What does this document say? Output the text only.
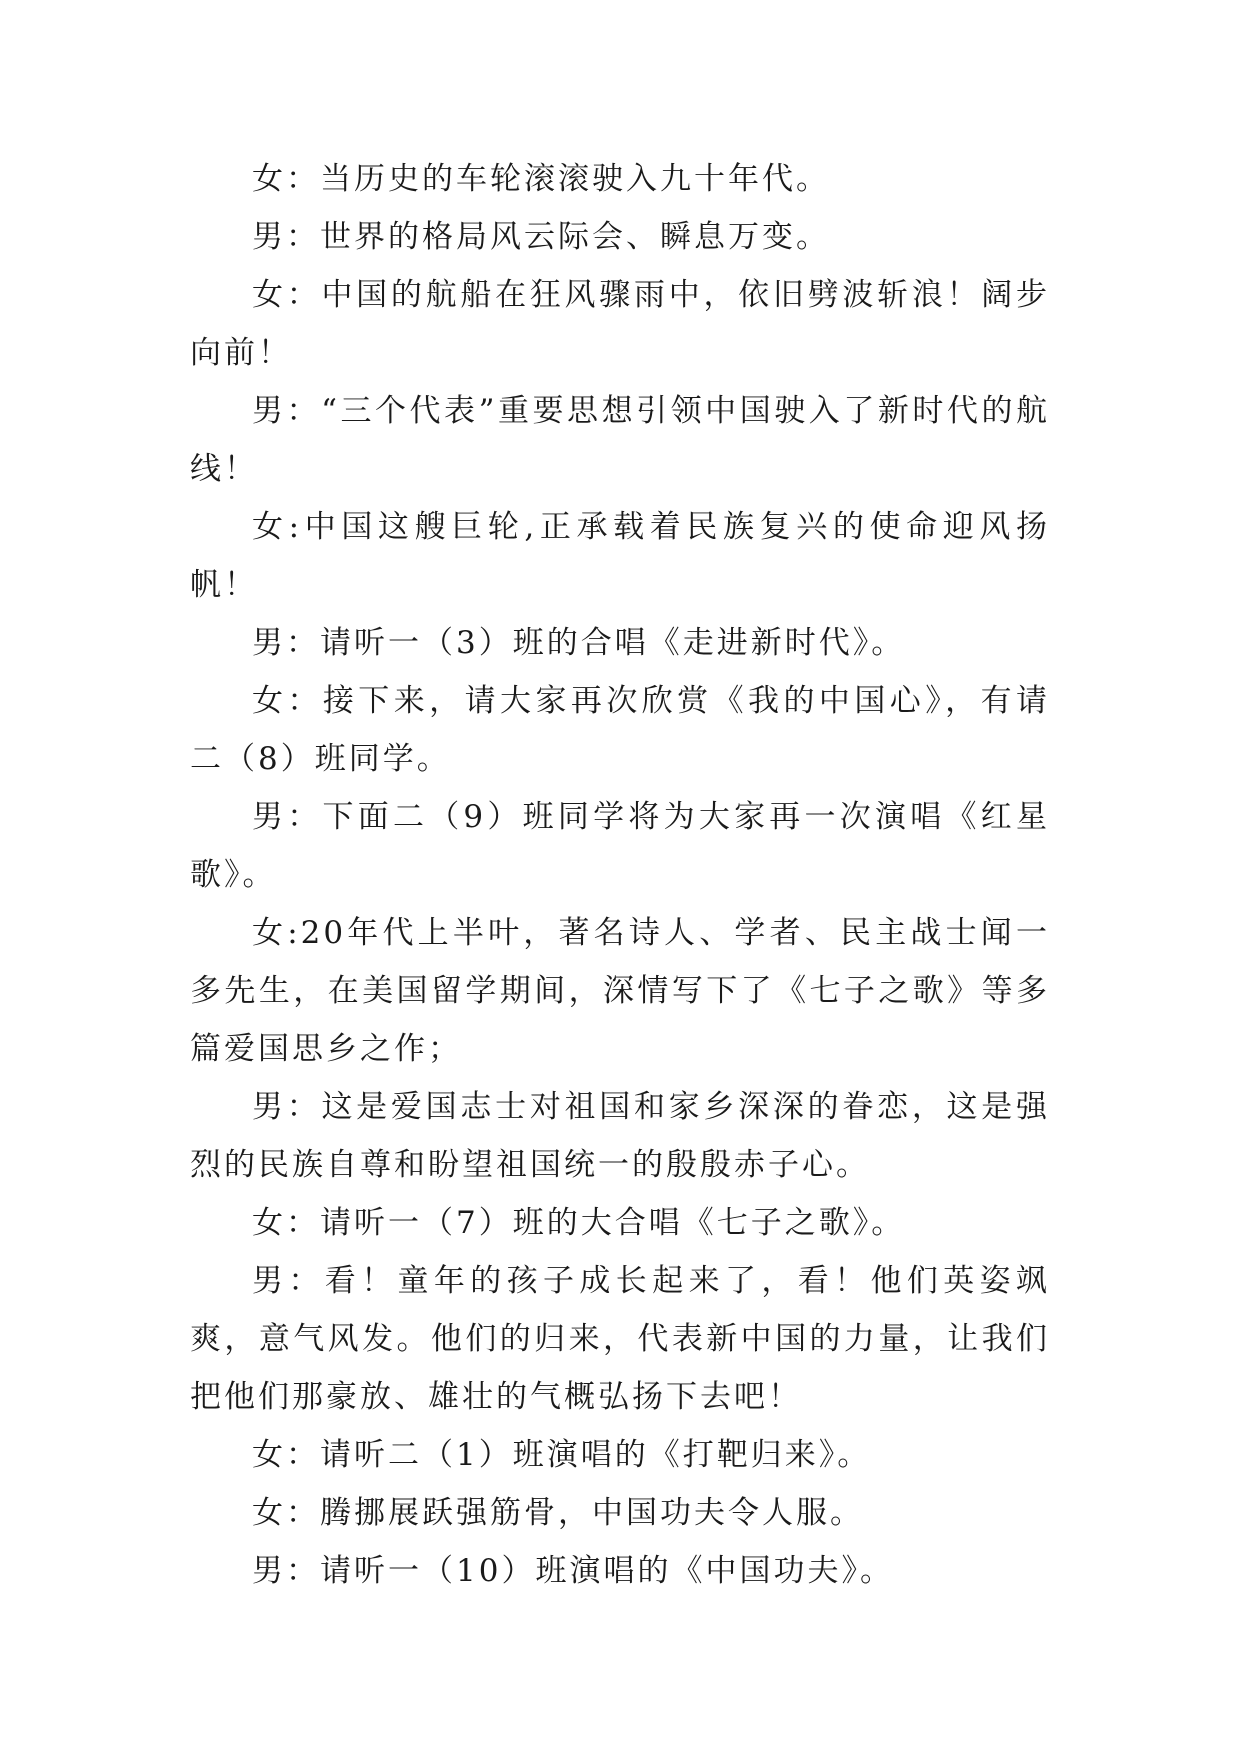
女：当历史的车轮滚滚驶入九十年代。

男：世界的格局风云际会、瞬息万变。

女：中国的航船在狂风骤雨中，依旧劈波斩浪！阔步向前！

男：“三个代表”重要思想引领中国驶入了新时代的航线！

女:中国这艘巨轮,正承载着民族复兴的使命迎风扬帆！

男：请听一（3）班的合唱《走进新时代》。

女：接下来，请大家再次欣赏《我的中国心》，有请二（8）班同学。

男：下面二（9）班同学将为大家再一次演唱《红星歌》。

女:20年代上半叶，著名诗人、学者、民主战士闻一多先生，在美国留学期间，深情写下了《七子之歌》等多篇爱国思乡之作；

男：这是爱国志士对祖国和家乡深深的眷恋，这是强烈的民族自尊和盼望祖国统一的殷殷赤子心。

女：请听一（7）班的大合唱《七子之歌》。

男：看！童年的孩子成长起来了，看！他们英姿飒爽，意气风发。他们的归来，代表新中国的力量，让我们把他们那豪放、雄壮的气概弘扬下去吧！

女：请听二（1）班演唱的《打靶归来》。

女：腾挪展跃强筋骨，中国功夫令人服。

男：请听一（10）班演唱的《中国功夫》。
